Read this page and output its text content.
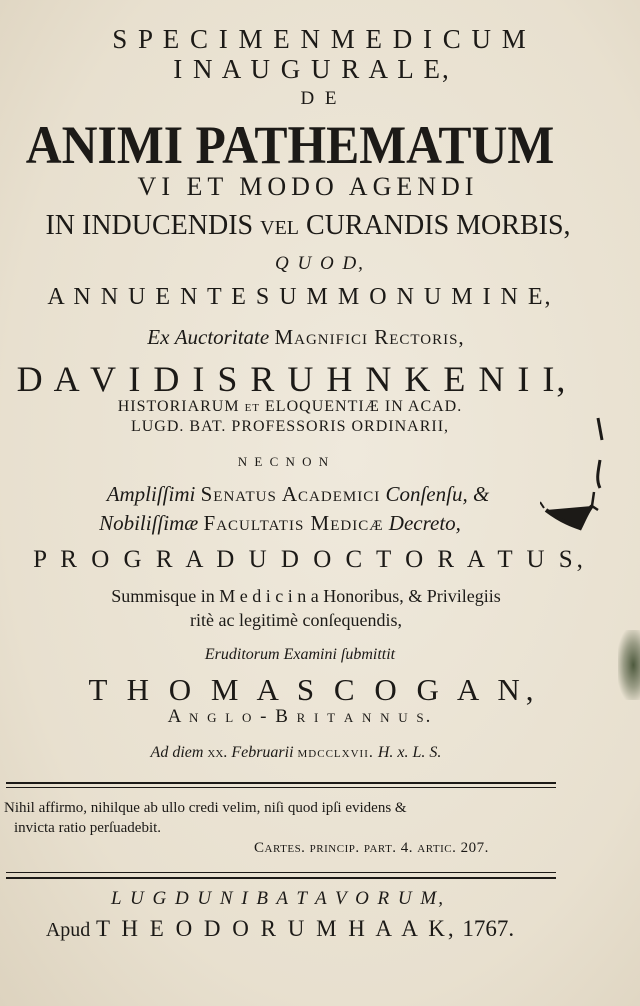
S P E C I M E N M E D I C U M
I N A U G U R A L E,
D E
ANIMI PATHEMATUM
VI ET MODO AGENDI
IN INDUCENDIS vel CURANDIS MORBIS,
Q U O D,
A N N U E N T E S U M M O N U M I N E,
Ex Auctoritate Magnifici Rectoris,
D A V I D I S R U H N K E N I I,
HISTORIARUM et ELOQUENTIÆ IN ACAD.
LUGD. BAT. PROFESSORIS ORDINARII,
N E C N O N
Ampliſſimi Senatus Academici Conſenſu, &
Nobiliſſimæ Facultatis Medicæ Decreto,
P R O G R A D U D O C T O R A T U S,
Summisque in M e d i c i n a Honoribus, & Privilegiis
ritè ac legitimè conſequendis,
Eruditorum Examini ſubmittit
T H O M A S C O G A N,
A n g l o - B r i t a n n u s.
Ad diem xx. Februarii mdcclxvii. H. x. L. S.
Nihil affirmo, nihilque ab ullo credi velim, niſi quod ipſi evidens &
invicta ratio perſuadebit.
Cartes. princip. part. 4. artic. 207.
L U G D U N I B A T A V O R U M,
Apud T H E O D O R U M H A A K, 1767.
